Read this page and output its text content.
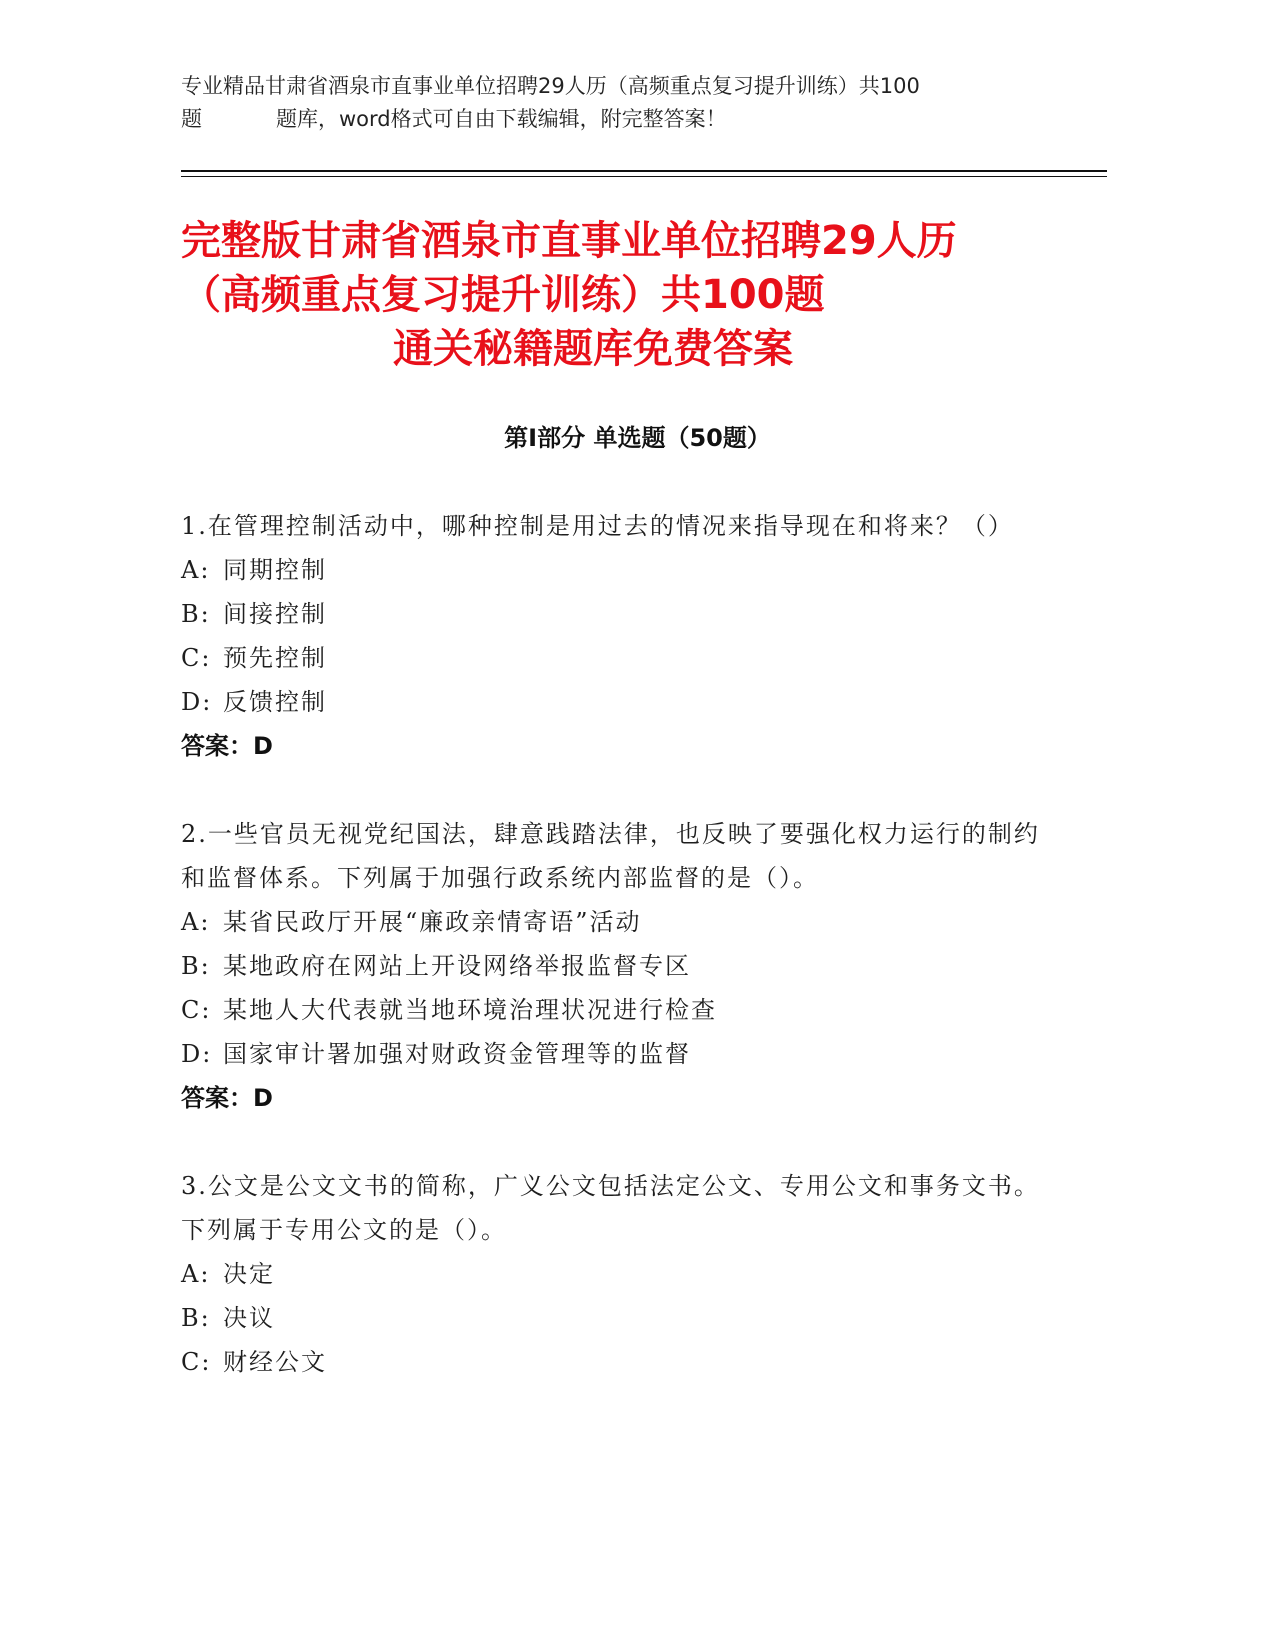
专业精品甘肃省酒泉市直事业单位招聘29人历（高频重点复习提升训练）共100
题	题库，word格式可自由下载编辑，附完整答案！
完整版甘肃省酒泉市直事业单位招聘29人历
（高频重点复习提升训练）共100题
通关秘籍题库免费答案
第I部分 单选题（50题）
1.在管理控制活动中，哪种控制是用过去的情况来指导现在和将来？（）
A: 同期控制
B: 间接控制
C: 预先控制
D: 反馈控制
答案：D
2.一些官员无视党纪国法，肆意践踏法律，也反映了要强化权力运行的制约和监督体系。下列属于加强行政系统内部监督的是（）。
A: 某省民政厅开展“廉政亲情寄语”活动
B: 某地政府在网站上开设网络举报监督专区
C: 某地人大代表就当地环境治理状况进行检查
D: 国家审计署加强对财政资金管理等的监督
答案：D
3.公文是公文文书的简称，广义公文包括法定公文、专用公文和事务文书。下列属于专用公文的是（）。
A: 决定
B: 决议
C: 财经公文
